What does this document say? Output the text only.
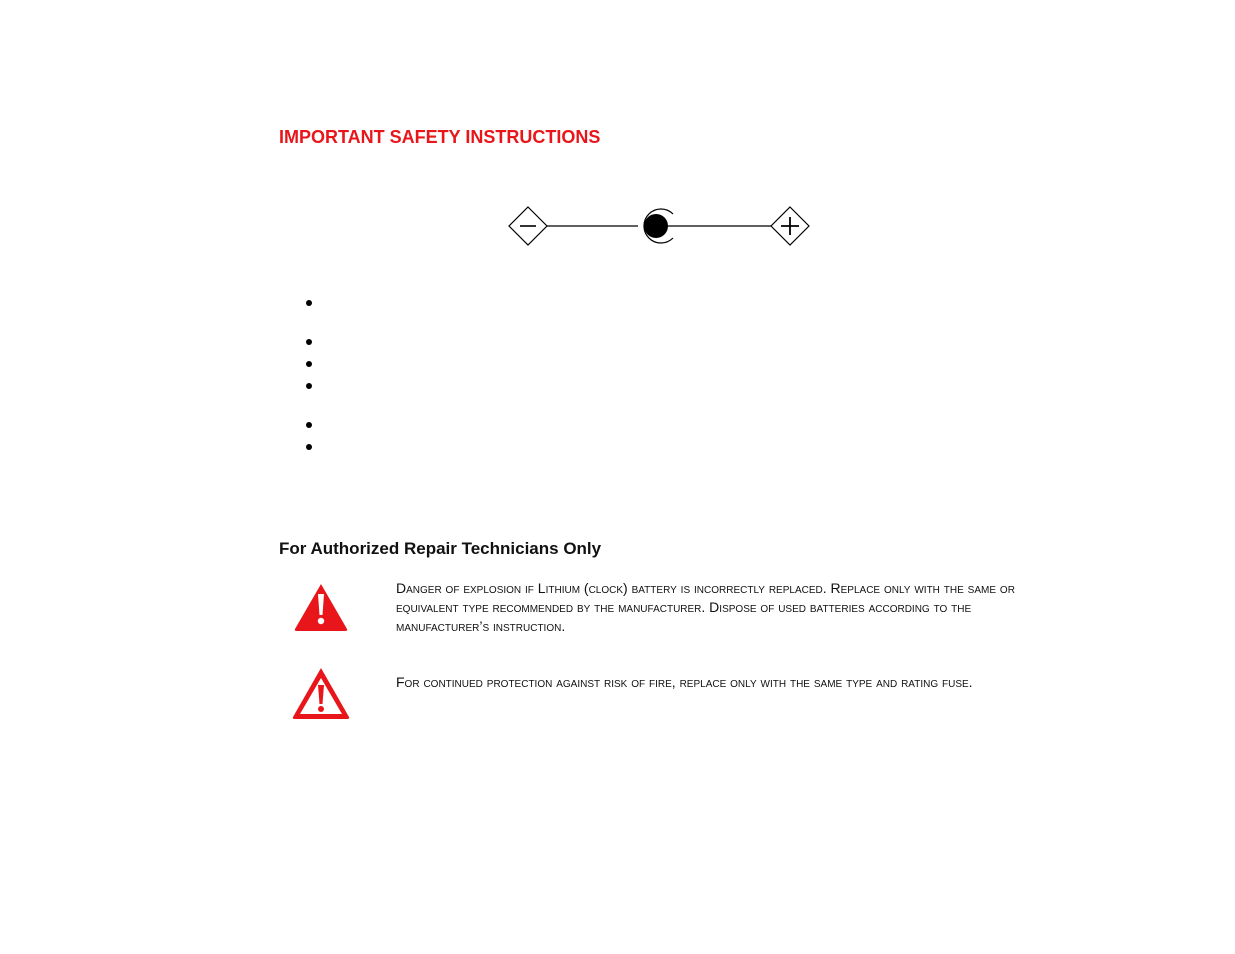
IMPORTANT SAFETY INSTRUCTIONS
For Authorized Repair Technicians Only

Danger of explosion if Lithium (clock) battery is incorrectly replaced. Replace only with the same or equivalent type recommended by the manufacturer. Dispose of used batteries according to the manufacturer’s instruction.

For continued protection against risk of fire, replace only with the same type and rating fuse.
